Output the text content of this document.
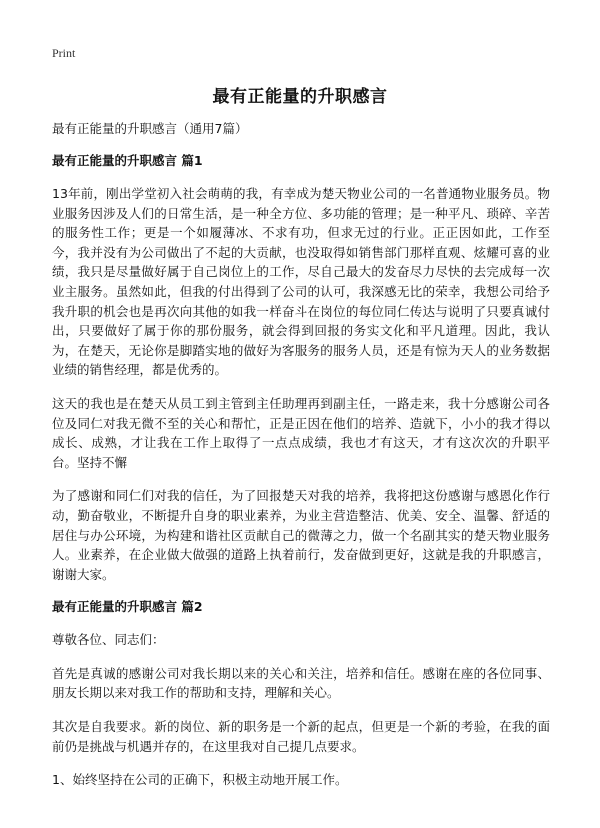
Print
最有正能量的升职感言

最有正能量的升职感言（通用7篇）

最有正能量的升职感言 篇1

13年前，刚出学堂初入社会萌萌的我，有幸成为楚天物业公司的一名普通物业服务员。物业服务因涉及人们的日常生活，是一种全方位、多功能的管理；是一种平凡、琐碎、辛苦的服务性工作；更是一个如履薄冰、不求有功，但求无过的行业。正正因如此，工作至今，我并没有为公司做出了不起的大贡献，也没取得如销售部门那样直观、炫耀可喜的业绩，我只是尽量做好属于自己岗位上的工作，尽自己最大的发奋尽力尽快的去完成每一次业主服务。虽然如此，但我的付出得到了公司的认可，我深感无比的荣幸，我想公司给予我升职的机会也是再次向其他的如我一样奋斗在岗位的每位同仁传达与说明了只要真诚付出，只要做好了属于你的那份服务，就会得到回报的务实文化和平凡道理。因此，我认为，在楚天，无论你是脚踏实地的做好为客服务的服务人员，还是有惊为天人的业务数据业绩的销售经理，都是优秀的。

这天的我也是在楚天从员工到主管到主任助理再到副主任，一路走来，我十分感谢公司各位及同仁对我无微不至的关心和帮忙，正是正因在他们的培养、造就下，小小的我才得以成长、成熟，才让我在工作上取得了一点点成绩，我也才有这天，才有这次次的升职平台。坚持不懈

为了感谢和同仁们对我的信任，为了回报楚天对我的培养，我将把这份感谢与感恩化作行动，勤奋敬业，不断提升自身的职业素养，为业主营造整洁、优美、安全、温馨、舒适的居住与办公环境，为构建和谐社区贡献自己的微薄之力，做一个名副其实的楚天物业服务人。业素养，在企业做大做强的道路上执着前行，发奋做到更好，这就是我的升职感言，谢谢大家。

最有正能量的升职感言 篇2

尊敬各位、同志们：

首先是真诚的感谢公司对我长期以来的关心和关注，培养和信任。感谢在座的各位同事、朋友长期以来对我工作的帮助和支持，理解和关心。

其次是自我要求。新的岗位、新的职务是一个新的起点，但更是一个新的考验，在我的面前仍是挑战与机遇并存的，在这里我对自己提几点要求。

1、始终坚持在公司的正确下，积极主动地开展工作。
